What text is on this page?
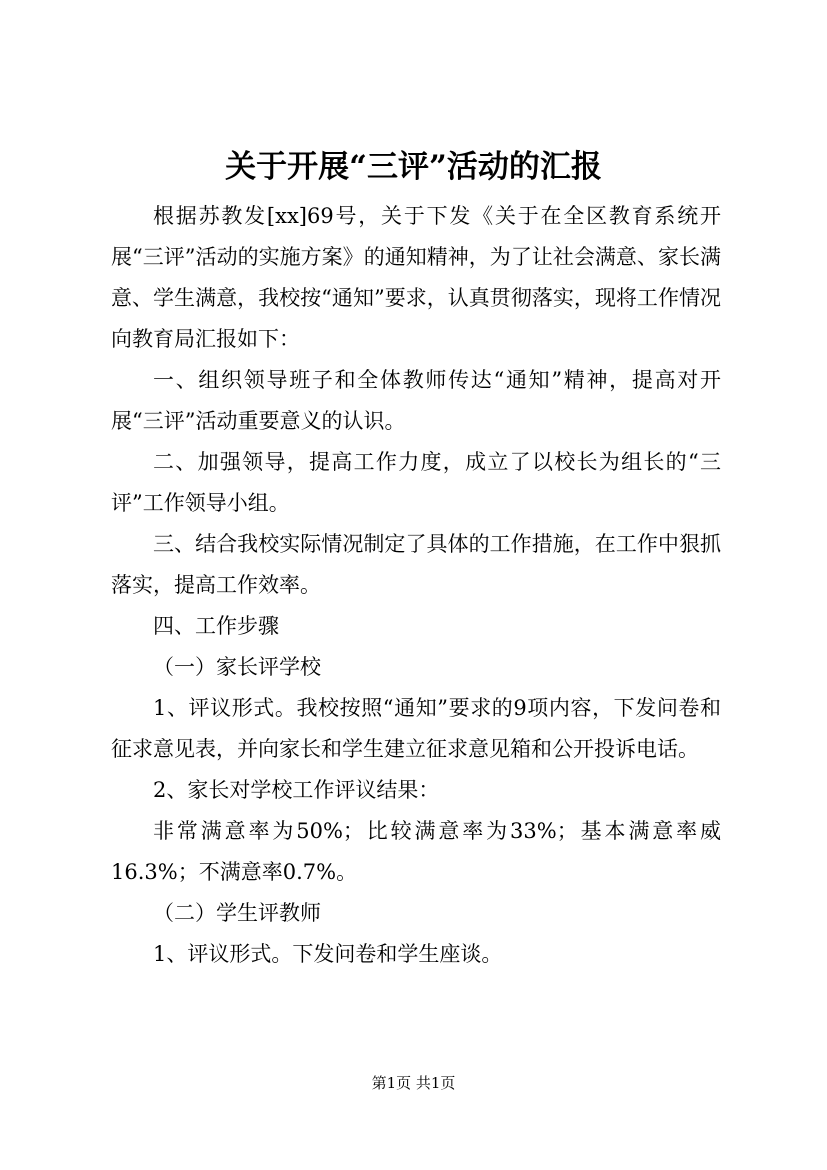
关于开展“三评”活动的汇报

根据苏教发[xx]69号，关于下发《关于在全区教育系统开展“三评”活动的实施方案》的通知精神，为了让社会满意、家长满意、学生满意，我校按“通知”要求，认真贯彻落实，现将工作情况向教育局汇报如下：

一、组织领导班子和全体教师传达“通知”精神，提高对开展“三评”活动重要意义的认识。

二、加强领导，提高工作力度，成立了以校长为组长的“三评”工作领导小组。

三、结合我校实际情况制定了具体的工作措施，在工作中狠抓落实，提高工作效率。

四、工作步骤

（一）家长评学校

1、评议形式。我校按照“通知”要求的9项内容，下发问卷和征求意见表，并向家长和学生建立征求意见箱和公开投诉电话。

2、家长对学校工作评议结果：

非常满意率为50%；比较满意率为33%；基本满意率威16.3%；不满意率0.7%。

（二）学生评教师

1、评议形式。下发问卷和学生座谈。

第1页 共1页
